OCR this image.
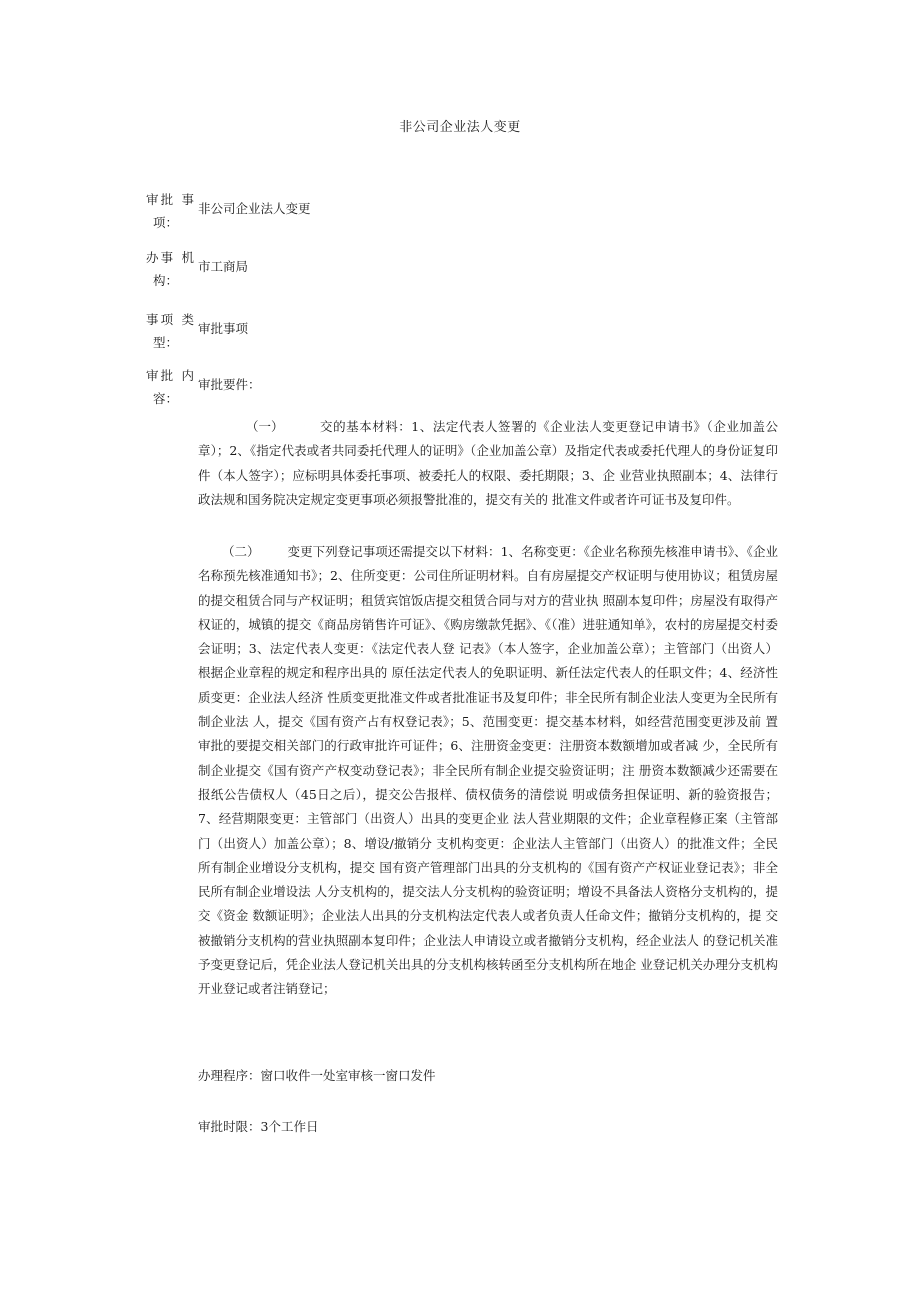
非公司企业法人变更
审批 事
项：
非公司企业法人变更
办事 机
构：
市工商局
事项 类
型：
审批事项
审批 内
容：
审批要件：
（一）	交的基本材料：1、法定代表人签署的《企业法人变更登记申请书》（企业加盖公 章）；2、《指定代表或者共同委托代理人的证明》（企业加盖公章）及指定代表或委托代理人的身份证复印件（本人签字）；应标明具体委托事项、被委托人的权限、委托期限；3、企 业营业执照副本；4、法律行政法规和国务院决定规定变更事项必须报警批准的，提交有关的 批准文件或者许可证书及复印件。
（二） 变更下列登记事项还需提交以下材料：1、名称变更：《企业名称预先核准申请书》、《企业名称预先核准通知书》；2、住所变更：公司住所证明材料。自有房屋提交产权证明与使用协议；租赁房屋的提交租赁合同与产权证明；租赁宾馆饭店提交租赁合同与对方的营业执 照副本复印件；房屋没有取得产权证的，城镇的提交《商品房销售许可证》、《购房缴款凭据》、《（准）进驻通知单》，农村的房屋提交村委会证明；3、法定代表人变更：《法定代表人登 记表》（本人签字，企业加盖公章）；主管部门（出资人）根据企业章程的规定和程序出具的 原任法定代表人的免职证明、新任法定代表人的任职文件；4、经济性质变更：企业法人经济 性质变更批准文件或者批准证书及复印件；非全民所有制企业法人变更为全民所有制企业法 人，提交《国有资产占有权登记表》；5、范围变更：提交基本材料，如经营范围变更涉及前 置审批的要提交相关部门的行政审批许可证件；6、注册资金变更：注册资本数额增加或者减 少，全民所有制企业提交《国有资产产权变动登记表》；非全民所有制企业提交验资证明；注 册资本数额减少还需要在报纸公告债权人（45日之后），提交公告报样、债权债务的清偿说 明或债务担保证明、新的验资报告；7、经营期限变更：主管部门（出资人）出具的变更企业 法人营业期限的文件；企业章程修正案（主管部门（出资人）加盖公章）；8、增设/撤销分 支机构变更：企业法人主管部门（出资人）的批准文件；全民所有制企业增设分支机构，提交 国有资产管理部门出具的分支机构的《国有资产产权证业登记表》；非全民所有制企业增设法 人分支机构的，提交法人分支机构的验资证明；增设不具备法人资格分支机构的，提交《资金 数额证明》；企业法人出具的分支机构法定代表人或者负责人任命文件；撤销分支机构的，提 交被撤销分支机构的营业执照副本复印件；企业法人申请设立或者撤销分支机构，经企业法人 的登记机关准予变更登记后，凭企业法人登记机关出具的分支机构核转函至分支机构所在地企 业登记机关办理分支机构开业登记或者注销登记；
办理程序：窗口收件一处室审核一窗口发件
审批时限：3个工作日
